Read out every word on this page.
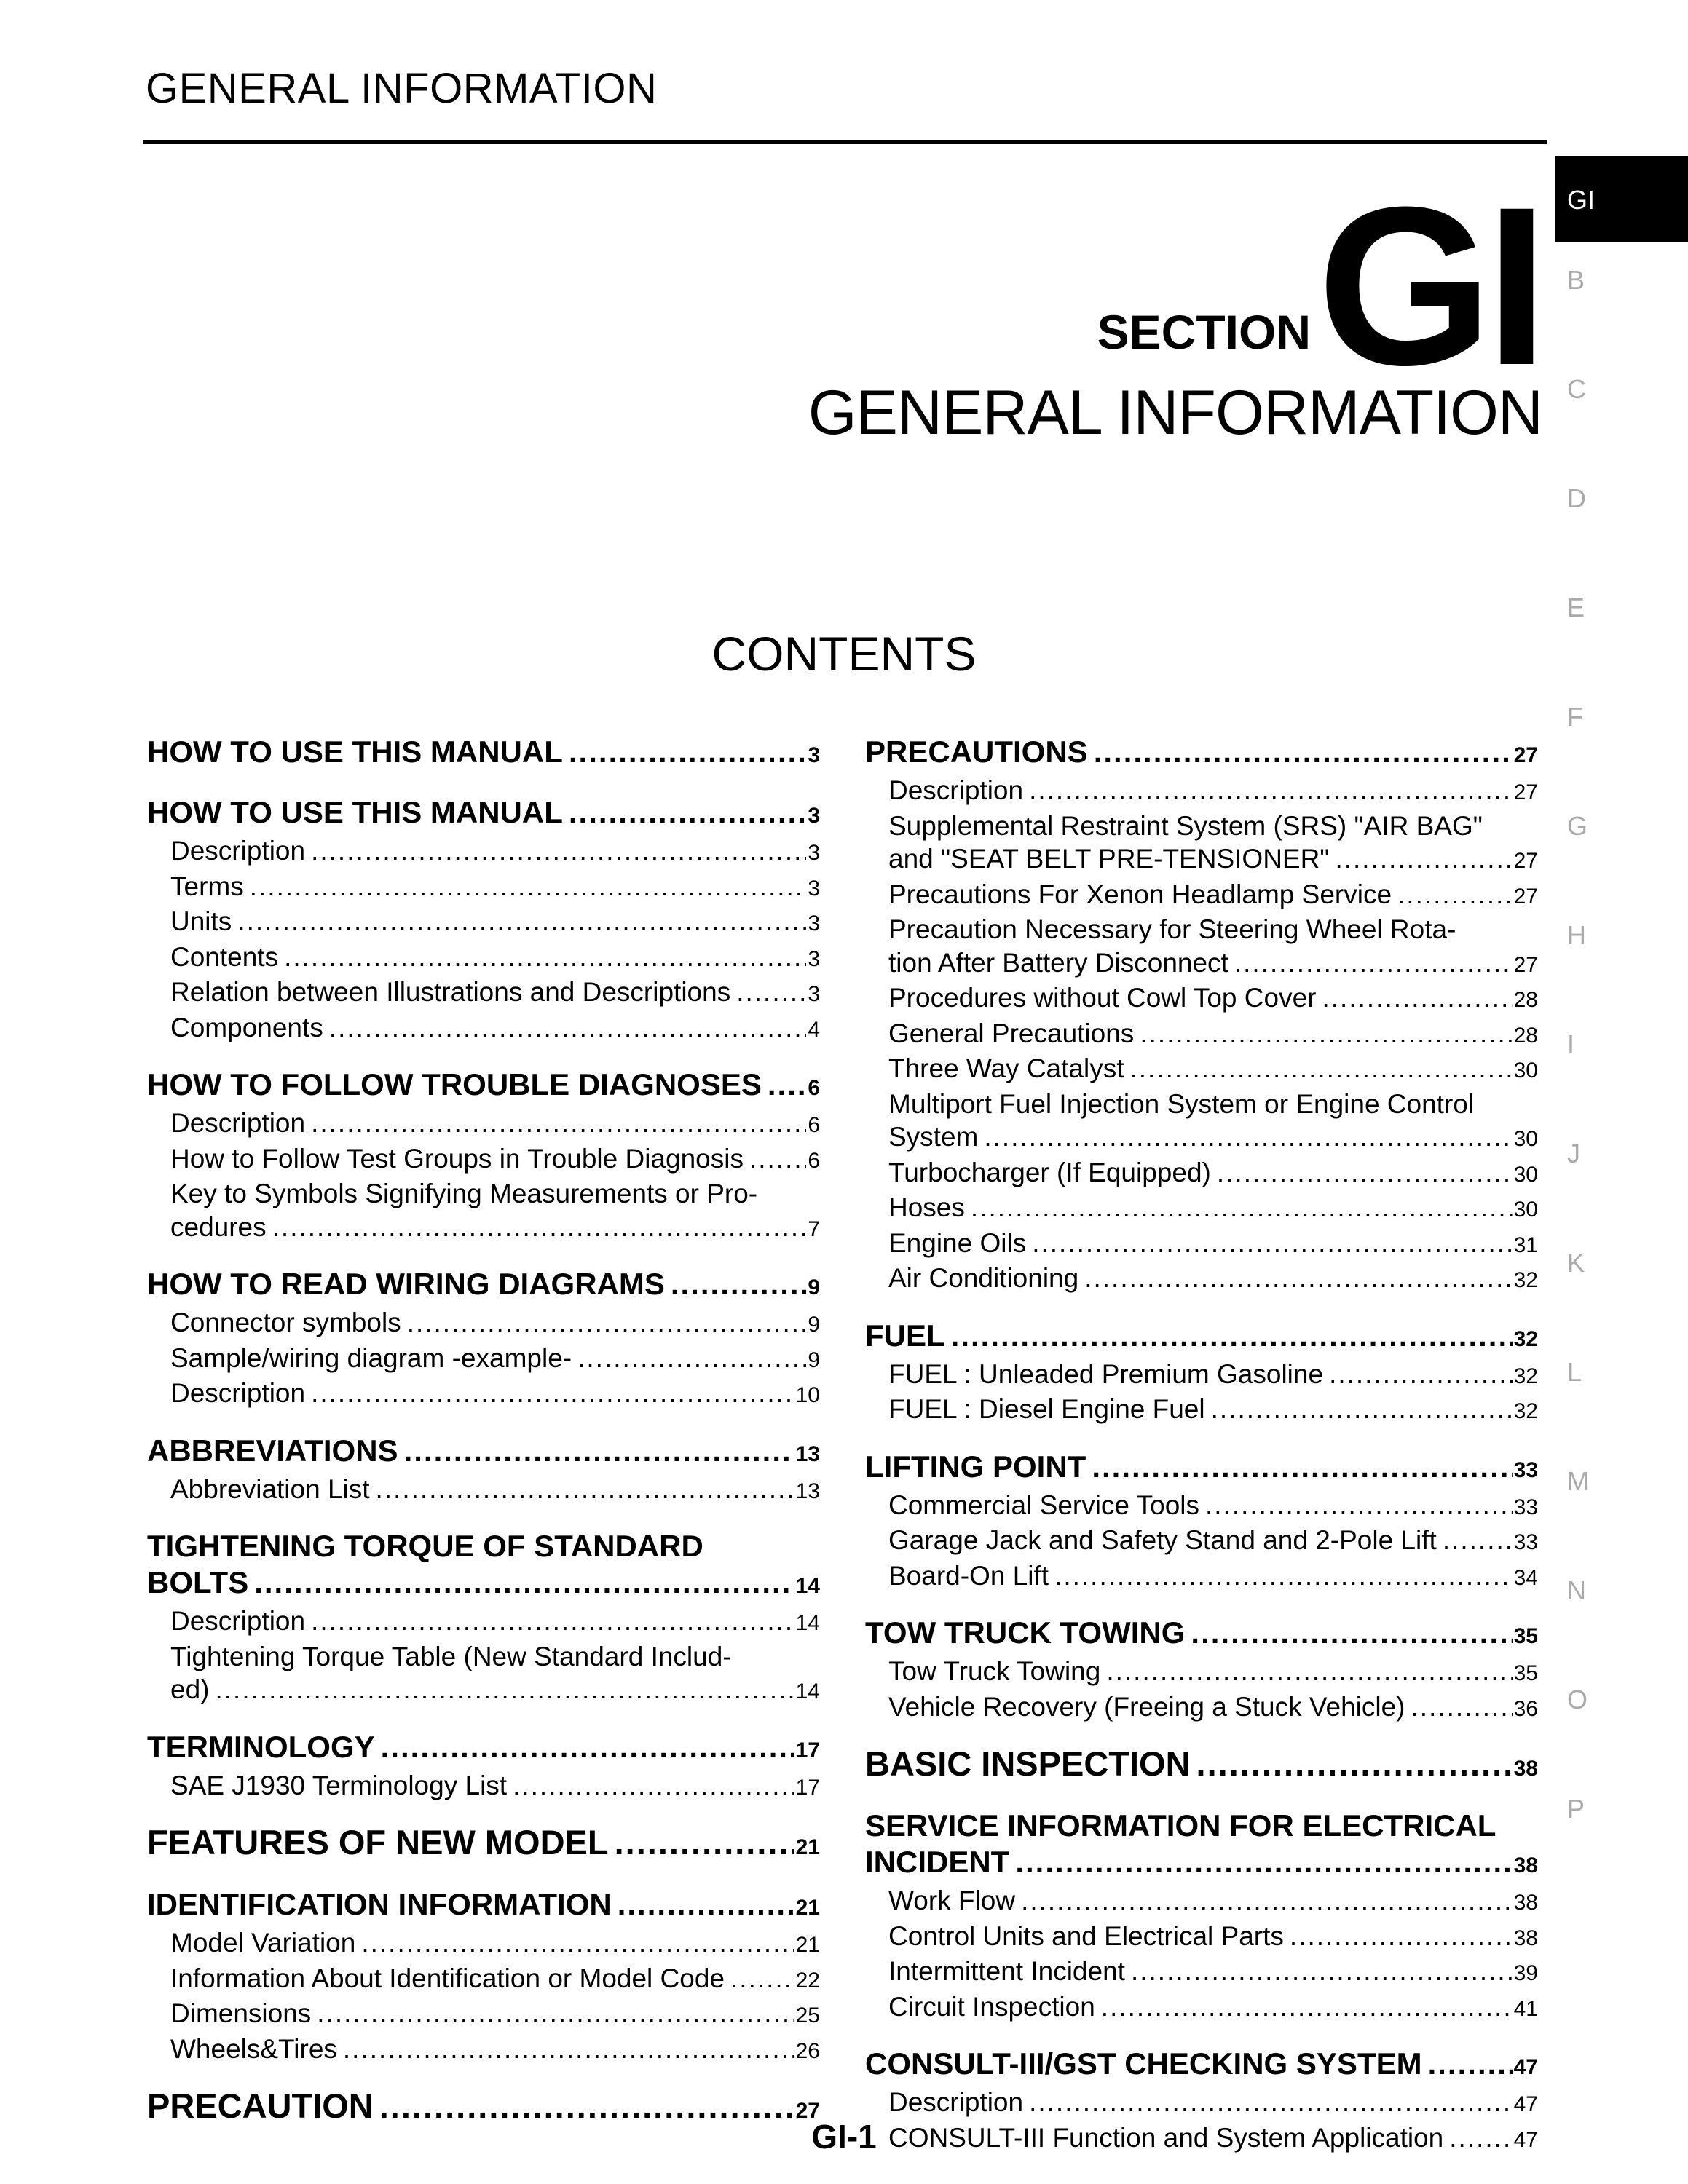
GENERAL INFORMATION
SECTION GI
GENERAL INFORMATION
CONTENTS
GI
B
C
D
E
F
G
H
I
J
K
L
M
N
O
P
HOW TO USE THIS MANUAL .....	3
HOW TO USE THIS MANUAL .....	3
Description .....	3
Terms .....	3
Units .....	3
Contents .....	3
Relation between Illustrations and Descriptions .....	3
Components .....	4
HOW TO FOLLOW TROUBLE DIAGNOSES ..... 6
Description .....	6
How to Follow Test Groups in Trouble Diagnosis .....	6
Key to Symbols Signifying Measurements or Pro-
cedures .....	7
HOW TO READ WIRING DIAGRAMS .....	9
Connector symbols .....	9
Sample/wiring diagram -example- .....	9
Description .....	10
ABBREVIATIONS .....	13
Abbreviation List .....	13
TIGHTENING TORQUE OF STANDARD
BOLTS .....	14
Description .....	14
Tightening Torque Table (New Standard Includ-
ed) .....	14
TERMINOLOGY .....	17
SAE J1930 Terminology List .....	17
FEATURES OF NEW MODEL .....	21
IDENTIFICATION INFORMATION .....	21
Model Variation .....	21
Information About Identification or Model Code .....	22
Dimensions .....	25
Wheels&Tires .....	26
PRECAUTION .....	27
PRECAUTIONS .....	27
Description .....	27
Supplemental Restraint System (SRS) "AIR BAG"
and "SEAT BELT PRE-TENSIONER" .....	27
Precautions For Xenon Headlamp Service .....	27
Precaution Necessary for Steering Wheel Rota-
tion After Battery Disconnect .....	27
Procedures without Cowl Top Cover .....	28
General Precautions .....	28
Three Way Catalyst .....	30
Multiport Fuel Injection System or Engine Control
System .....	30
Turbocharger (If Equipped) .....	30
Hoses .....	30
Engine Oils .....	31
Air Conditioning .....	32
FUEL .....	32
FUEL : Unleaded Premium Gasoline .....	32
FUEL : Diesel Engine Fuel .....	32
LIFTING POINT .....	33
Commercial Service Tools .....	33
Garage Jack and Safety Stand and 2-Pole Lift .....	33
Board-On Lift .....	34
TOW TRUCK TOWING .....	35
Tow Truck Towing .....	35
Vehicle Recovery (Freeing a Stuck Vehicle) .....	36
BASIC INSPECTION .....	38
SERVICE INFORMATION FOR ELECTRICAL
INCIDENT .....	38
Work Flow .....	38
Control Units and Electrical Parts .....	38
Intermittent Incident .....	39
Circuit Inspection .....	41
CONSULT-III/GST CHECKING SYSTEM .....	47
Description .....	47
CONSULT-III Function and System Application .....	47
GI-1
